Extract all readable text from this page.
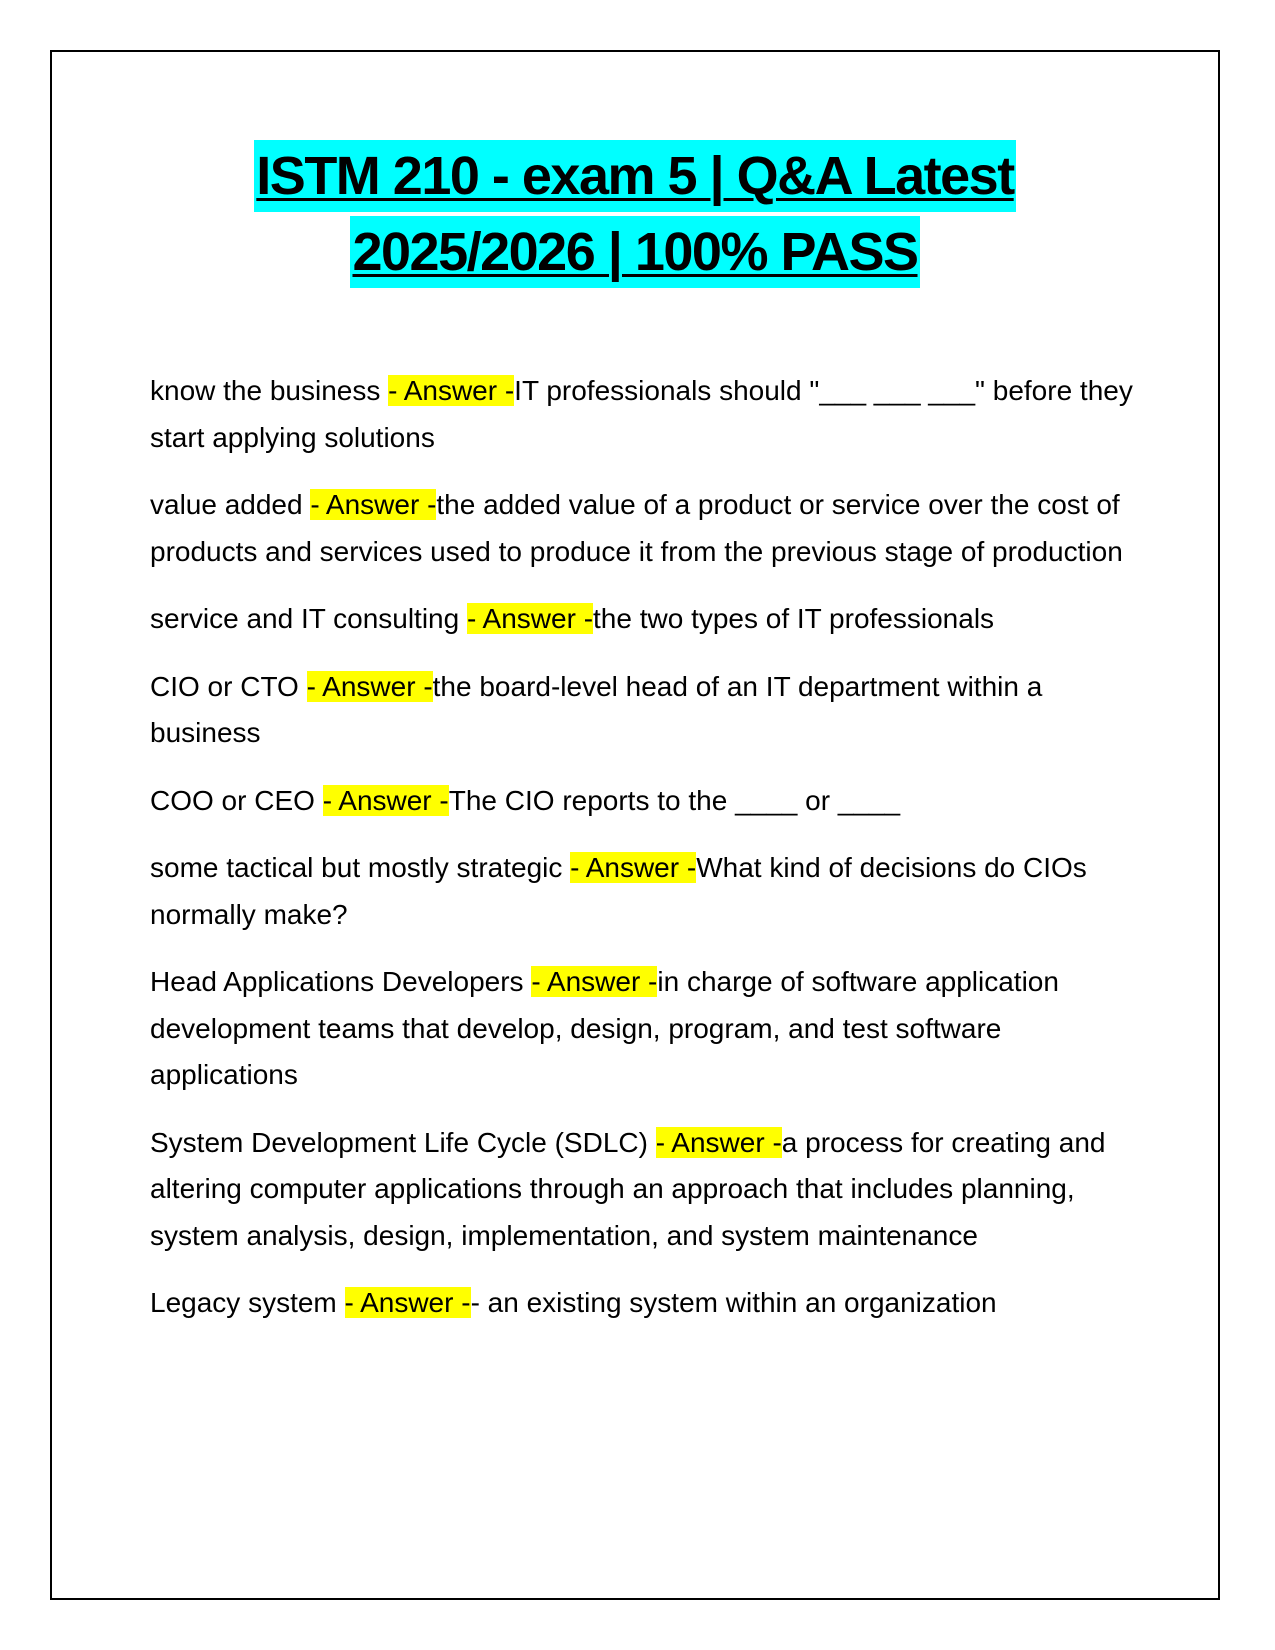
ISTM 210 - exam 5 | Q&A Latest
2025/2026 | 100% PASS

know the business - Answer -IT professionals should "___ ___ ___" before they start applying solutions

value added - Answer -the added value of a product or service over the cost of products and services used to produce it from the previous stage of production

service and IT consulting - Answer -the two types of IT professionals

CIO or CTO - Answer -the board-level head of an IT department within a business

COO or CEO - Answer -The CIO reports to the ____ or ____

some tactical but mostly strategic - Answer -What kind of decisions do CIOs normally make?

Head Applications Developers - Answer -in charge of software application development teams that develop, design, program, and test software applications

System Development Life Cycle (SDLC) - Answer -a process for creating and altering computer applications through an approach that includes planning, system analysis, design, implementation, and system maintenance

Legacy system - Answer -- an existing system within an organization
